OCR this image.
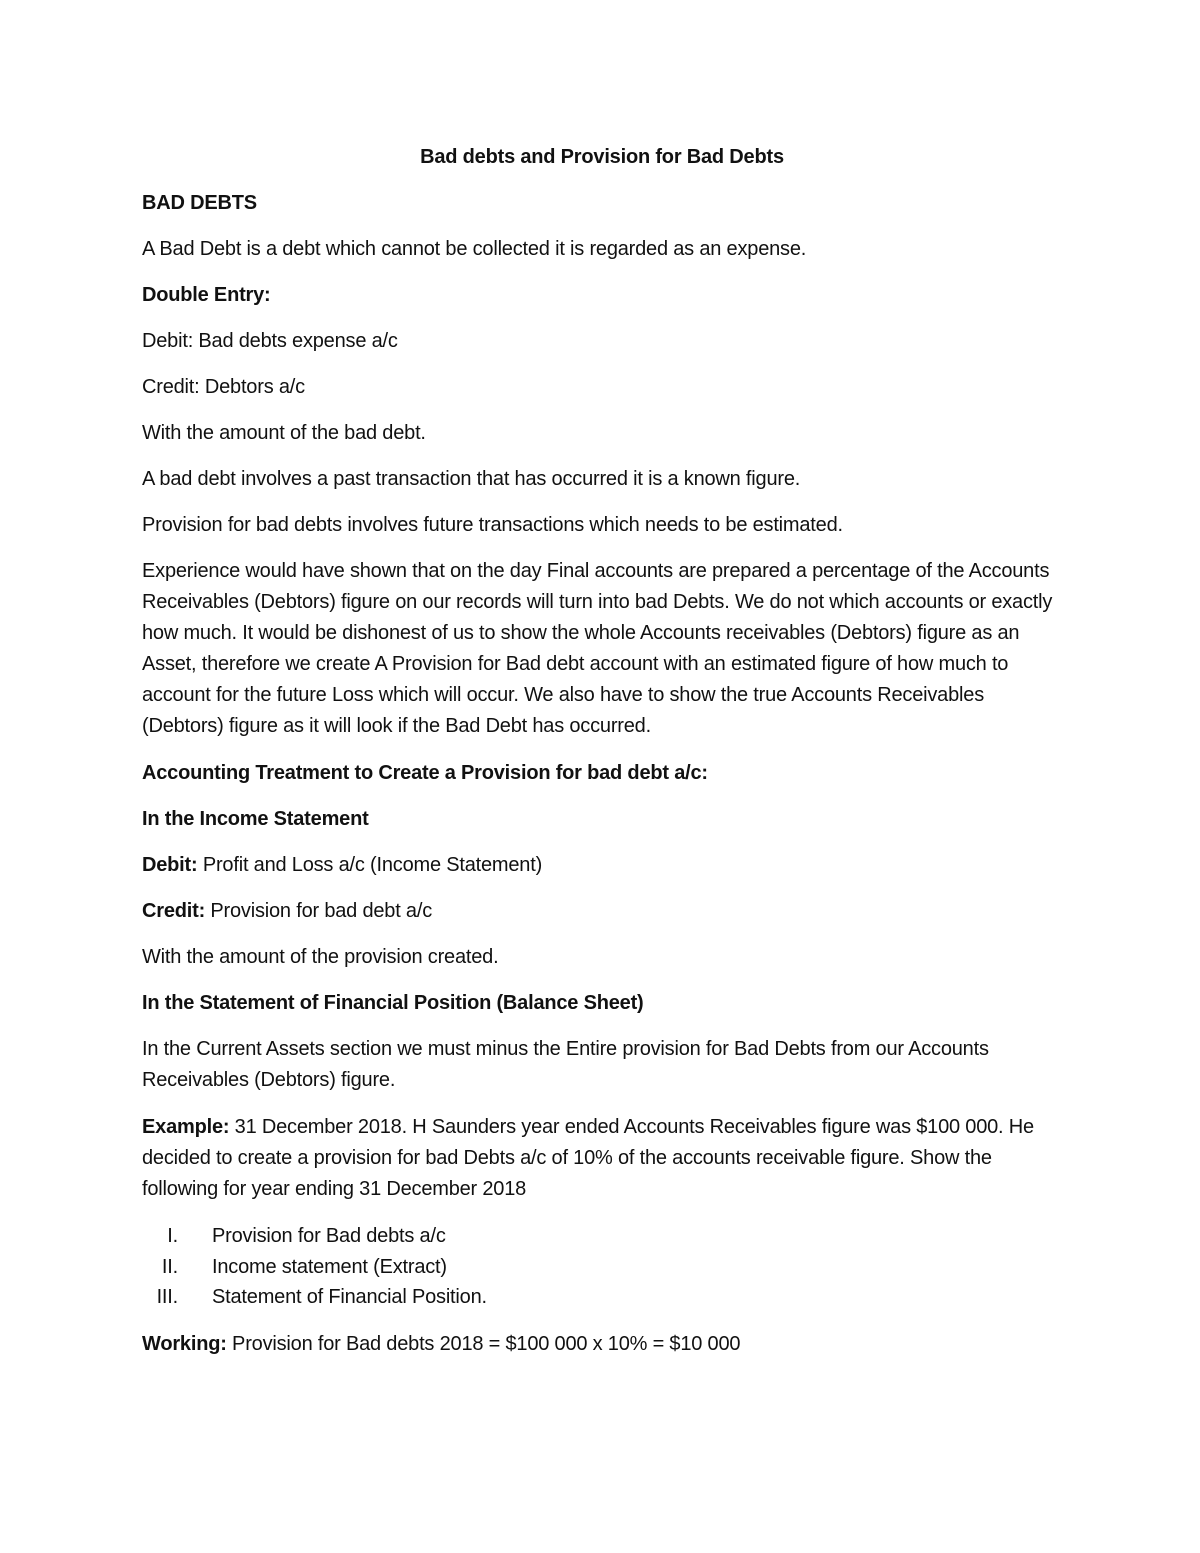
Bad debts and Provision for Bad Debts

BAD DEBTS

A Bad Debt is a debt which cannot be collected it is regarded as an expense.

Double Entry:

Debit: Bad debts expense a/c

Credit: Debtors a/c

With the amount of the bad debt.

A bad debt involves a past transaction that has occurred it is a known figure.

Provision for bad debts involves future transactions which needs to be estimated.

Experience would have shown that on the day Final accounts are prepared a percentage of the Accounts Receivables (Debtors) figure on our records will turn into bad Debts. We do not which accounts or exactly how much. It would be dishonest of us to show the whole Accounts receivables (Debtors) figure as an Asset, therefore we create A Provision for Bad debt account with an estimated figure of how much to account for the future Loss which will occur. We also have to show the true Accounts Receivables (Debtors) figure as it will look if the Bad Debt has occurred.

Accounting Treatment to Create a Provision for bad debt a/c:

In the Income Statement

Debit: Profit and Loss a/c (Income Statement)

Credit: Provision for bad debt a/c

With the amount of the provision created.

In the Statement of Financial Position (Balance Sheet)

In the Current Assets section we must minus the Entire provision for Bad Debts from our Accounts Receivables (Debtors) figure.

Example: 31 December 2018. H Saunders year ended Accounts Receivables figure was $100 000. He decided to create a provision for bad Debts a/c of 10% of the accounts receivable figure. Show the following for year ending 31 December 2018

I. Provision for Bad debts a/c
II. Income statement (Extract)
III. Statement of Financial Position.

Working: Provision for Bad debts 2018 = $100 000 x 10% = $10 000
